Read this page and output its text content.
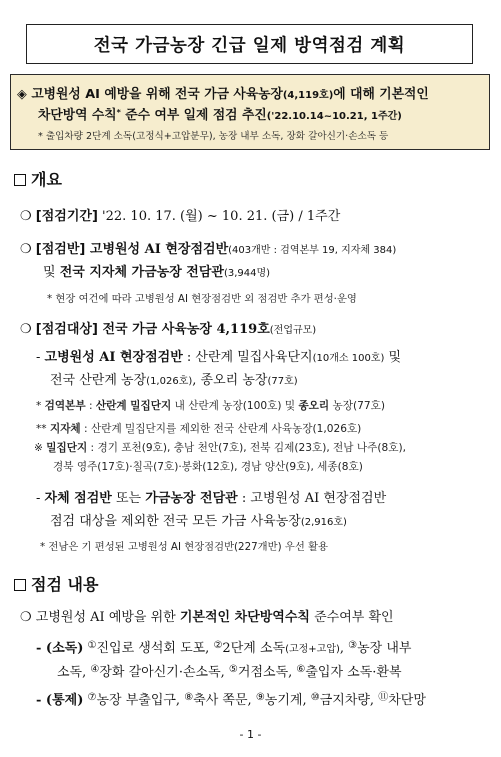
전국 가금농장 긴급 일제 방역점검 계획
◈ 고병원성 AI 예방을 위해 전국 가금 사육농장(4,119호)에 대해 기본적인
차단방역 수칙* 준수 여부 일제 점검 추진('22.10.14~10.21, 1주간)
* 출입차량 2단계 소독(고정식+고압분무), 농장 내부 소독, 장화 갈아신기·손소독 등
개요
❍ [점검기간] '22. 10. 17. (월) ~ 10. 21. (금) / 1주간
❍ [점검반] 고병원성 AI 현장점검반(403개반 : 검역본부 19, 지자체 384)
및 전국 지자체 가금농장 전담관(3,944명)
* 현장 여건에 따라 고병원성 AI 현장점검반 외 점검반 추가 편성·운영
❍ [점검대상] 전국 가금 사육농장 4,119호(전업규모)
- 고병원성 AI 현장점검반 : 산란계 밀집사육단지(10개소 100호) 및
전국 산란계 농장(1,026호), 종오리 농장(77호)
* 검역본부 : 산란계 밀집단지 내 산란계 농장(100호) 및 종오리 농장(77호)
** 지자체 : 산란계 밀집단지를 제외한 전국 산란계 사육농장(1,026호)
※ 밀집단지 : 경기 포천(9호), 충남 천안(7호), 전북 김제(23호), 전남 나주(8호),
경북 영주(17호)·칠곡(7호)·봉화(12호), 경남 양산(9호), 세종(8호)
- 자체 점검반 또는 가금농장 전담관 : 고병원성 AI 현장점검반
점검 대상을 제외한 전국 모든 가금 사육농장(2,916호)
* 전남은 기 편성된 고병원성 AI 현장점검반(227개반) 우선 활용
점검 내용
❍ 고병원성 AI 예방을 위한 기본적인 차단방역수칙 준수여부 확인
- (소독) ①진입로 생석회 도포, ②2단계 소독(고정+고압), ③농장 내부
소독, ④장화 갈아신기·손소독, ⑤거점소독, ⑥출입자 소독·환복
- (통제) ⑦농장 부출입구, ⑧축사 쪽문, ⑨농기계, ⑩금지차량, ⑪차단망
- 1 -
